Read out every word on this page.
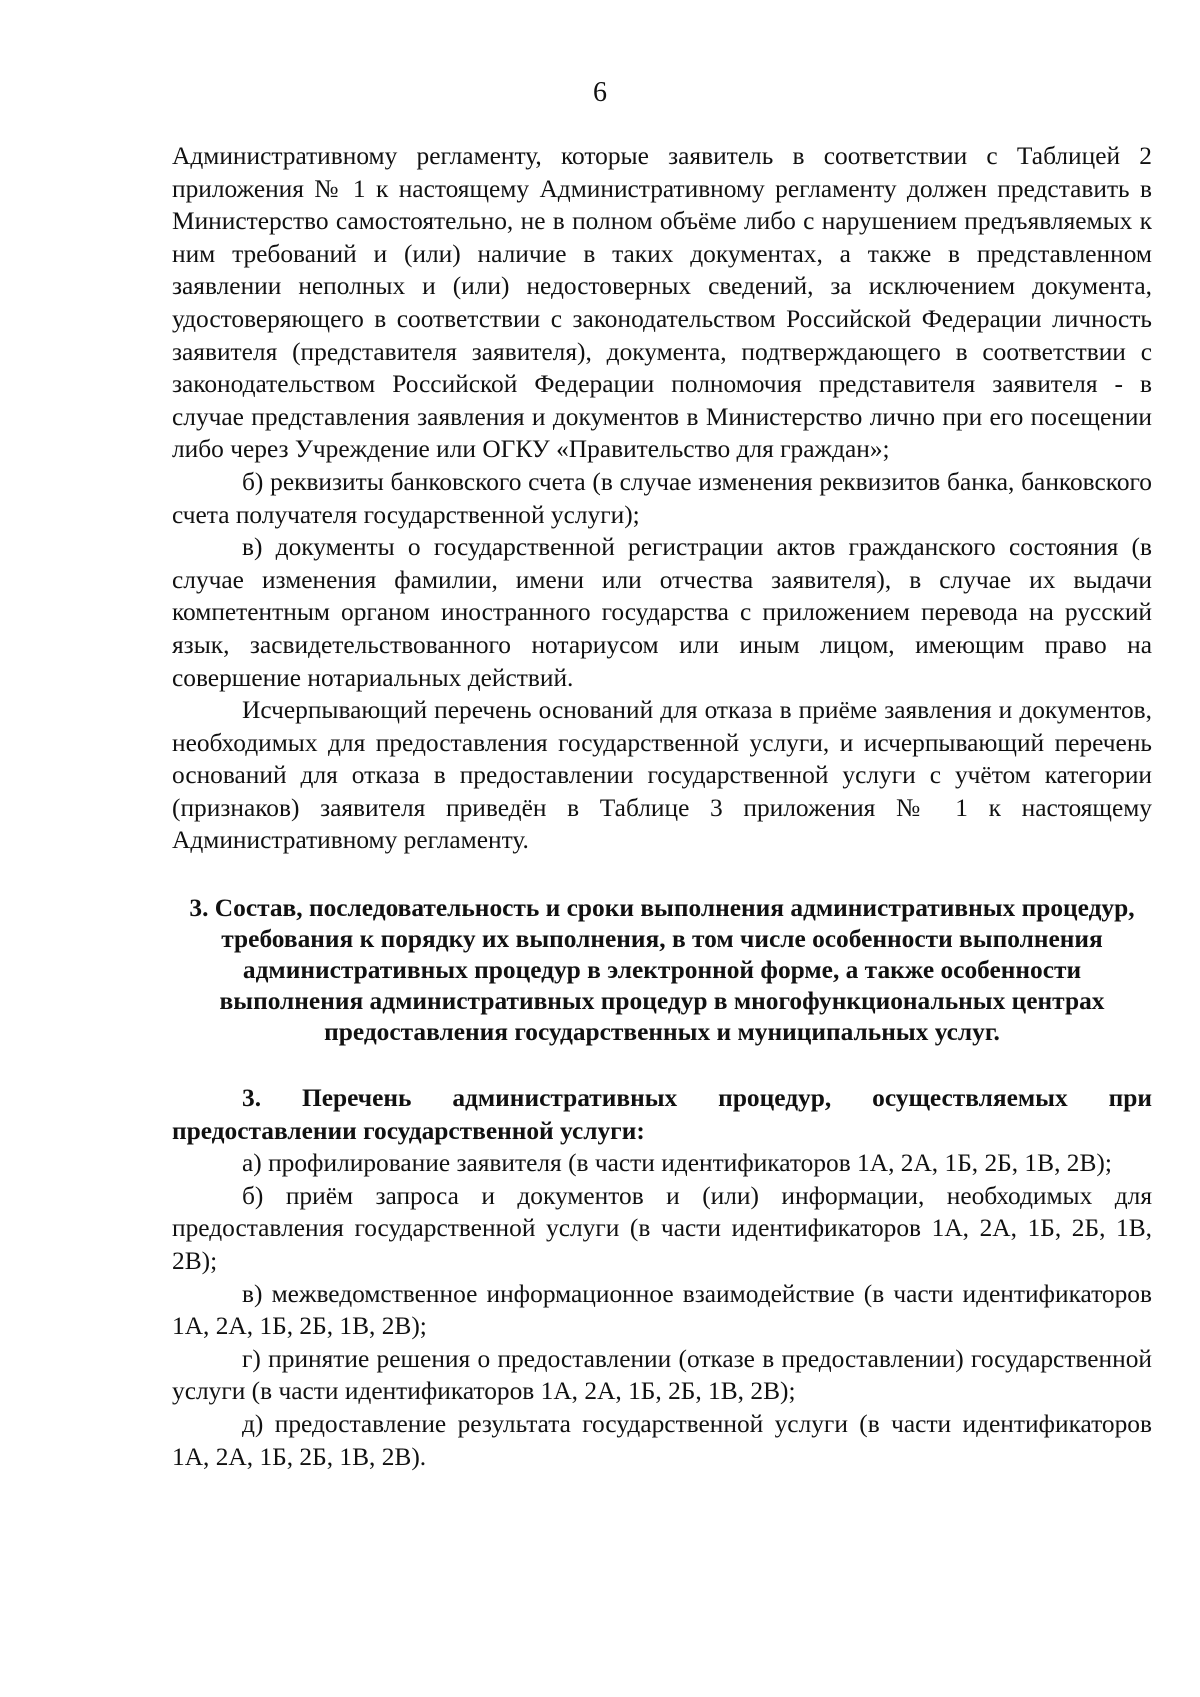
6

Административному регламенту, которые заявитель в соответствии с Таблицей 2 приложения № 1 к настоящему Административному регламенту должен представить в Министерство самостоятельно, не в полном объёме либо с нарушением предъявляемых к ним требований и (или) наличие в таких документах, а также в представленном заявлении неполных и (или) недостоверных сведений, за исключением документа, удостоверяющего в соответствии с законодательством Российской Федерации личность заявителя (представителя заявителя), документа, подтверждающего в соответствии с законодательством Российской Федерации полномочия представителя заявителя - в случае представления заявления и документов в Министерство лично при его посещении либо через Учреждение или ОГКУ «Правительство для граждан»;

б) реквизиты банковского счета (в случае изменения реквизитов банка, банковского счета получателя государственной услуги);

в) документы о государственной регистрации актов гражданского состояния (в случае изменения фамилии, имени или отчества заявителя), в случае их выдачи компетентным органом иностранного государства с приложением перевода на русский язык, засвидетельствованного нотариусом или иным лицом, имеющим право на совершение нотариальных действий.

Исчерпывающий перечень оснований для отказа в приёме заявления и документов, необходимых для предоставления государственной услуги, и исчерпывающий перечень оснований для отказа в предоставлении государственной услуги с учётом категории (признаков) заявителя приведён в Таблице 3 приложения № 1 к настоящему Административному регламенту.

3. Состав, последовательность и сроки выполнения административных процедур, требования к порядку их выполнения, в том числе особенности выполнения административных процедур в электронной форме, а также особенности выполнения административных процедур в многофункциональных центрах предоставления государственных и муниципальных услуг.

3. Перечень административных процедур, осуществляемых при предоставлении государственной услуги:

а) профилирование заявителя (в части идентификаторов 1А, 2А, 1Б, 2Б, 1В, 2В);

б) приём запроса и документов и (или) информации, необходимых для предоставления государственной услуги (в части идентификаторов 1А, 2А, 1Б, 2Б, 1В, 2В);

в) межведомственное информационное взаимодействие (в части идентификаторов 1А, 2А, 1Б, 2Б, 1В, 2В);

г) принятие решения о предоставлении (отказе в предоставлении) государственной услуги (в части идентификаторов 1А, 2А, 1Б, 2Б, 1В, 2В);

д) предоставление результата государственной услуги (в части идентификаторов 1А, 2А, 1Б, 2Б, 1В, 2В).
